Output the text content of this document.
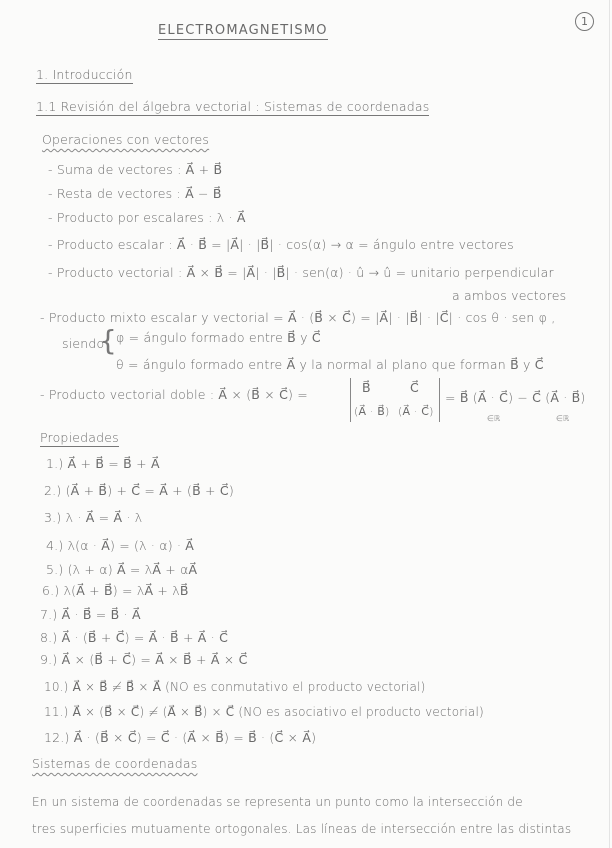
ELECTROMAGNETISMO
1
1. Introducción
1.1 Revisión del álgebra vectorial : Sistemas de coordenadas
Operaciones con vectores
- Suma de vectores : A⃗ + B⃗
- Resta de vectores : A⃗ − B⃗
- Producto por escalares : λ · A⃗
- Producto escalar : A⃗ · B⃗ = |A⃗| · |B⃗| · cos(α) → α = ángulo entre vectores
- Producto vectorial : A⃗ × B⃗ = |A⃗| · |B⃗| · sen(α) · û → û = unitario perpendicular
a ambos vectores
- Producto mixto escalar y vectorial = A⃗ · (B⃗ × C⃗) = |A⃗| · |B⃗| · |C⃗| · cos θ · sen φ ,
siendo
{ φ = ángulo formado entre B⃗ y C⃗
θ = ángulo formado entre A⃗ y la normal al plano que forman B⃗ y C⃗
- Producto vectorial doble : A⃗ × (B⃗ × C⃗) =	B⃗	C⃗
(A⃗ · B⃗) (A⃗ · C⃗)
= B⃗ (A⃗ · C⃗) − C⃗ (A⃗ · B⃗)
∈ℝ	∈ℝ
Propiedades
1.) A⃗ + B⃗ = B⃗ + A⃗
2.) (A⃗ + B⃗) + C⃗ = A⃗ + (B⃗ + C⃗)
3.) λ · A⃗ = A⃗ · λ
4.) λ(α · A⃗) = (λ · α) · A⃗
5.) (λ + α) A⃗ = λA⃗ + αA⃗
6.) λ(A⃗ + B⃗) = λA⃗ + λB⃗
7.) A⃗ · B⃗ = B⃗ · A⃗
8.) A⃗ · (B⃗ + C⃗) = A⃗ · B⃗ + A⃗ · C⃗
9.) A⃗ × (B⃗ + C⃗) = A⃗ × B⃗ + A⃗ × C⃗
10.) A⃗ × B⃗ ≠ B⃗ × A⃗ (NO es conmutativo el producto vectorial)
11.) A⃗ × (B⃗ × C⃗) ≠ (A⃗ × B⃗) × C⃗ (NO es asociativo el producto vectorial)
12.) A⃗ · (B⃗ × C⃗) = C⃗ · (A⃗ × B⃗) = B⃗ · (C⃗ × A⃗)
Sistemas de coordenadas
En un sistema de coordenadas se representa un punto como la intersección de
tres superficies mutuamente ortogonales. Las líneas de intersección entre las distintas
